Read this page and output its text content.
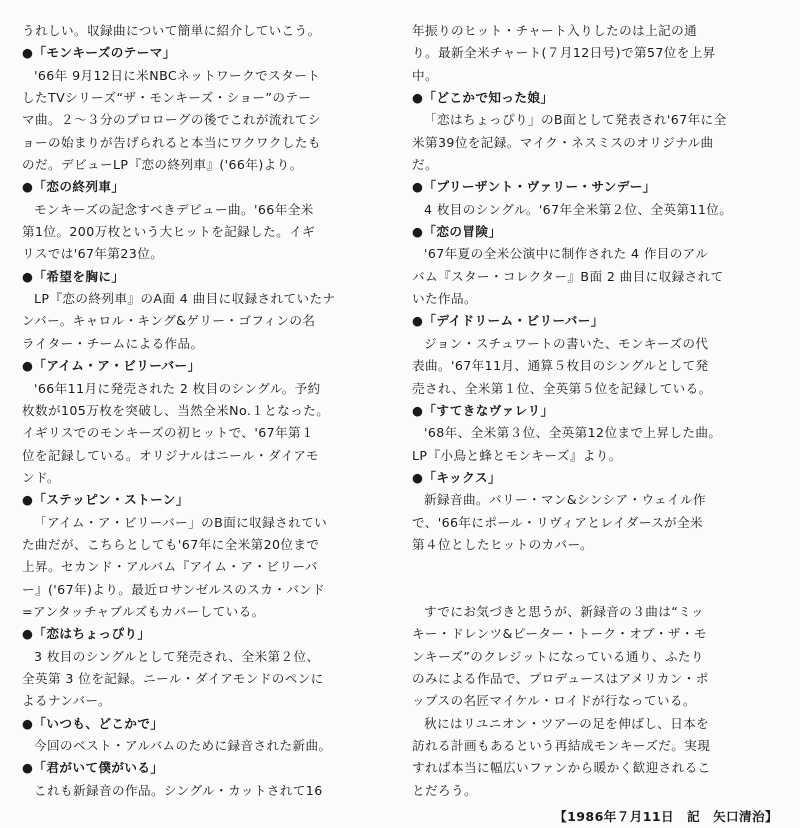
うれしい。収録曲について簡単に紹介していこう。
●「モンキーズのテーマ」
'66年 9月12日に米NBCネットワークでスタート
したTVシリーズ“ザ・モンキーズ・ショー”のテー
マ曲。２～３分のプロローグの後でこれが流れてシ
ョーの始まりが告げられると本当にワクワクしたも
のだ。デビューLP『恋の終列車』('66年)より。
●「恋の終列車」
モンキーズの記念すべきデビュー曲。'66年全米
第1位。200万枚という大ヒットを記録した。イギ
リスでは'67年第23位。
●「希望を胸に」
LP『恋の終列車』のA面 4 曲目に収録されていたナ
ンバー。キャロル・キング&ゲリー・ゴフィンの名
ライター・チームによる作品。
●「アイム・ア・ビリーバー」
'66年11月に発売された 2 枚目のシングル。予約
枚数が105万枚を突破し、当然全米No.１となった。
イギリスでのモンキーズの初ヒットで、'67年第１
位を記録している。オリジナルはニール・ダイアモ
ンド。
●「ステッピン・ストーン」
「アイム・ア・ビリーバー」のB面に収録されてい
た曲だが、こちらとしても'67年に全米第20位まで
上昇。セカンド・アルバム『アイム・ア・ビリーバ
ー』('67年)より。最近ロサンゼルスのスカ・バンド
=アンタッチャブルズもカバーしている。
●「恋はちょっぴり」
3 枚目のシングルとして発売され、全米第２位、
全英第 3 位を記録。ニール・ダイアモンドのペンに
よるナンバー。
●「いつも、どこかで」
今回のベスト・アルバムのために録音された新曲。
●「君がいて僕がいる」
これも新録音の作品。シングル・カットされて16
年振りのヒット・チャート入りしたのは上記の通
り。最新全米チャート(７月12日号)で第57位を上昇
中。
●「どこかで知った娘」
「恋はちょっぴり」のB面として発表され'67年に全
米第39位を記録。マイク・ネスミスのオリジナル曲
だ。
●「プリーザント・ヴァリー・サンデー」
4 枚目のシングル。'67年全米第２位、全英第11位。
●「恋の冒険」
'67年夏の全米公演中に制作された 4 作目のアル
バム『スター・コレクター』B面 2 曲目に収録されて
いた作品。
●「デイドリーム・ビリーバー」
ジョン・スチュワートの書いた、モンキーズの代
表曲。'67年11月、通算５枚目のシングルとして発
売され、全米第１位、全英第５位を記録している。
●「すてきなヴァレリ」
'68年、全米第３位、全英第12位まで上昇した曲。
LP『小鳥と蜂とモンキーズ』より。
●「キックス」
新録音曲。バリー・マン&シンシア・ウェイル作
で、'66年にポール・リヴィアとレイダースが全米
第４位としたヒットのカバー。
すでにお気づきと思うが、新録音の３曲は“ミッ
キー・ドレンツ&ピーター・トーク・オブ・ザ・モ
ンキーズ”のクレジットになっている通り、ふたり
のみによる作品で、プロデュースはアメリカン・ポ
ップスの名匠マイケル・ロイドが行なっている。
秋にはリユニオン・ツアーの足を伸ばし、日本を
訪れる計画もあるという再結成モンキーズだ。実現
すれば本当に幅広いファンから暖かく歓迎されるこ
とだろう。
【1986年７月11日　記　矢口清治】
